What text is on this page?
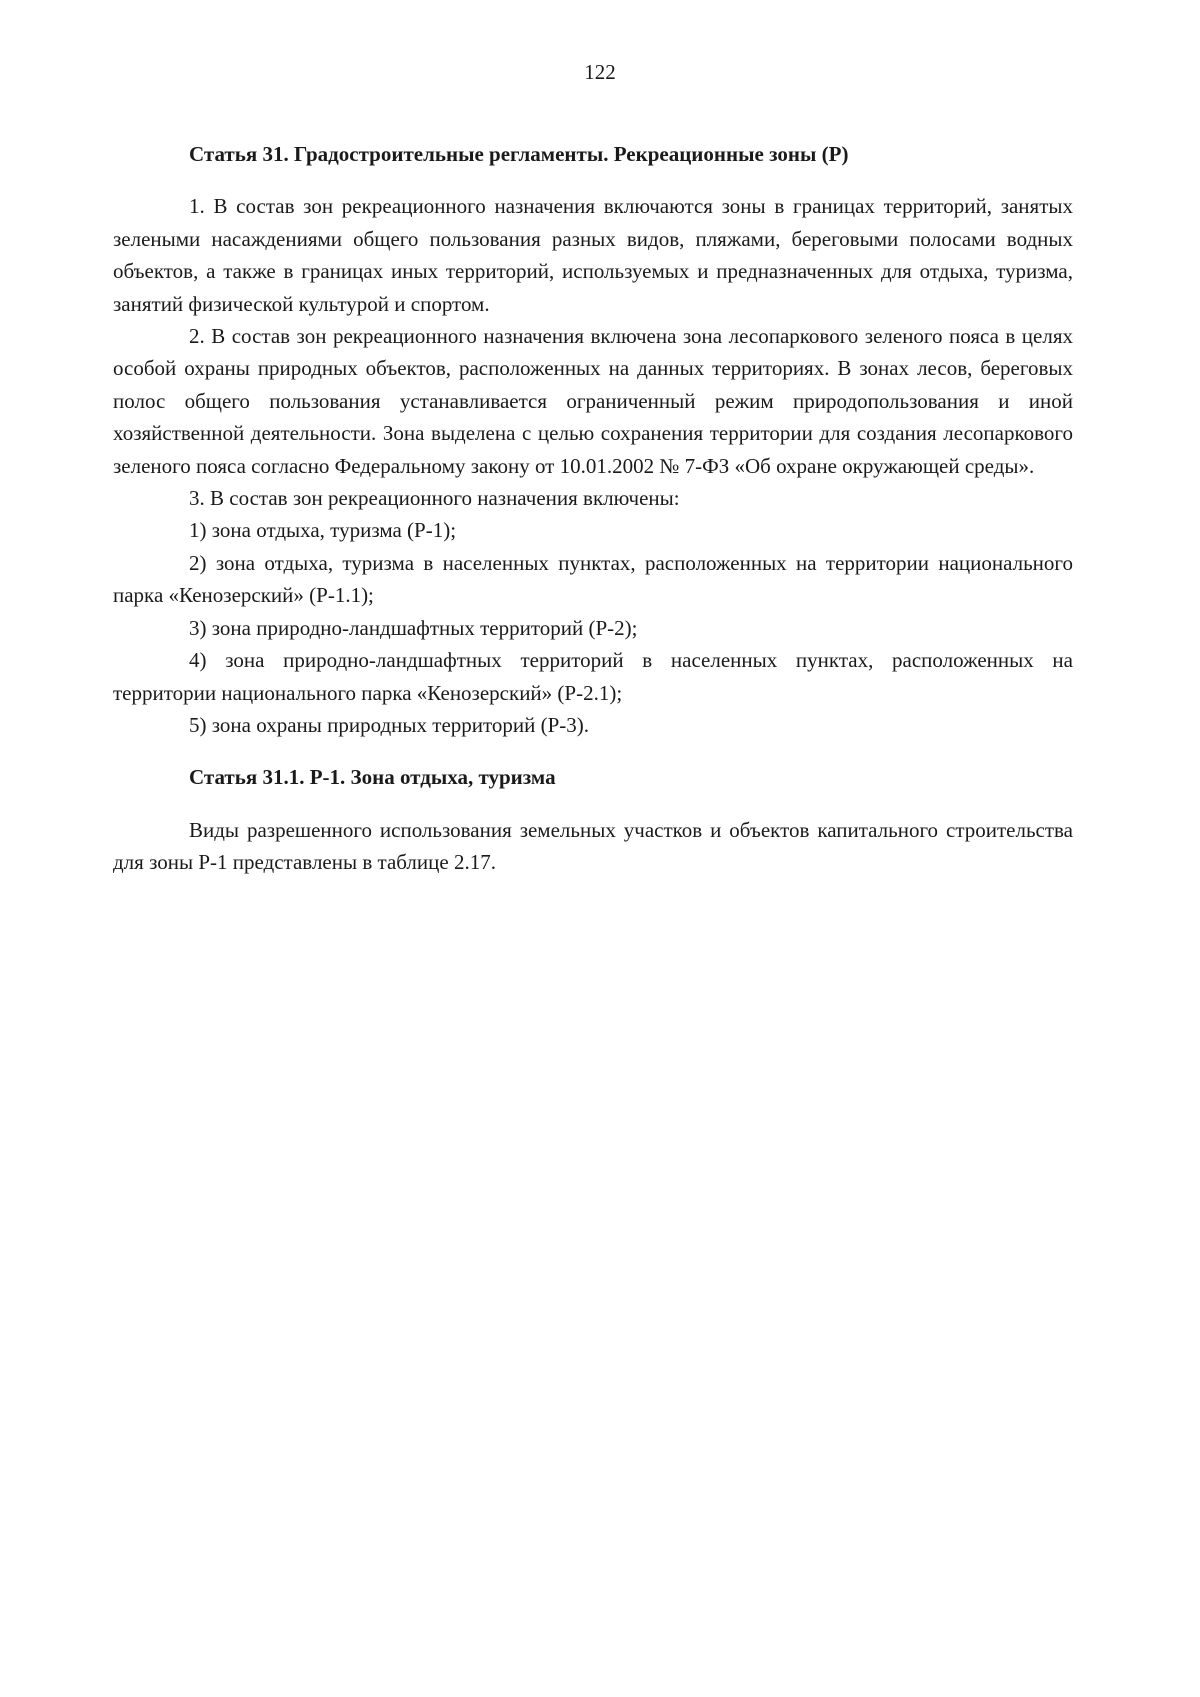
122

Статья 31. Градостроительные регламенты. Рекреационные зоны (Р)

1. В состав зон рекреационного назначения включаются зоны в границах территорий, занятых зелеными насаждениями общего пользования разных видов, пляжами, береговыми полосами водных объектов, а также в границах иных территорий, используемых и предназначенных для отдыха, туризма, занятий физической культурой и спортом.

2. В состав зон рекреационного назначения включена зона лесопаркового зеленого пояса в целях особой охраны природных объектов, расположенных на данных территориях. В зонах лесов, береговых полос общего пользования устанавливается ограниченный режим природопользования и иной хозяйственной деятельности. Зона выделена с целью сохранения территории для создания лесопаркового зеленого пояса согласно Федеральному закону от 10.01.2002 № 7-ФЗ «Об охране окружающей среды».

3. В состав зон рекреационного назначения включены:

1) зона отдыха, туризма (Р-1);

2) зона отдыха, туризма в населенных пунктах, расположенных на территории национального парка «Кенозерский» (Р-1.1);

3) зона природно-ландшафтных территорий (Р-2);

4) зона природно-ландшафтных территорий в населенных пунктах, расположенных на территории национального парка «Кенозерский» (Р-2.1);

5) зона охраны природных территорий (Р-3).

Статья 31.1. Р-1. Зона отдыха, туризма

Виды разрешенного использования земельных участков и объектов капитального строительства для зоны Р-1 представлены в таблице 2.17.
